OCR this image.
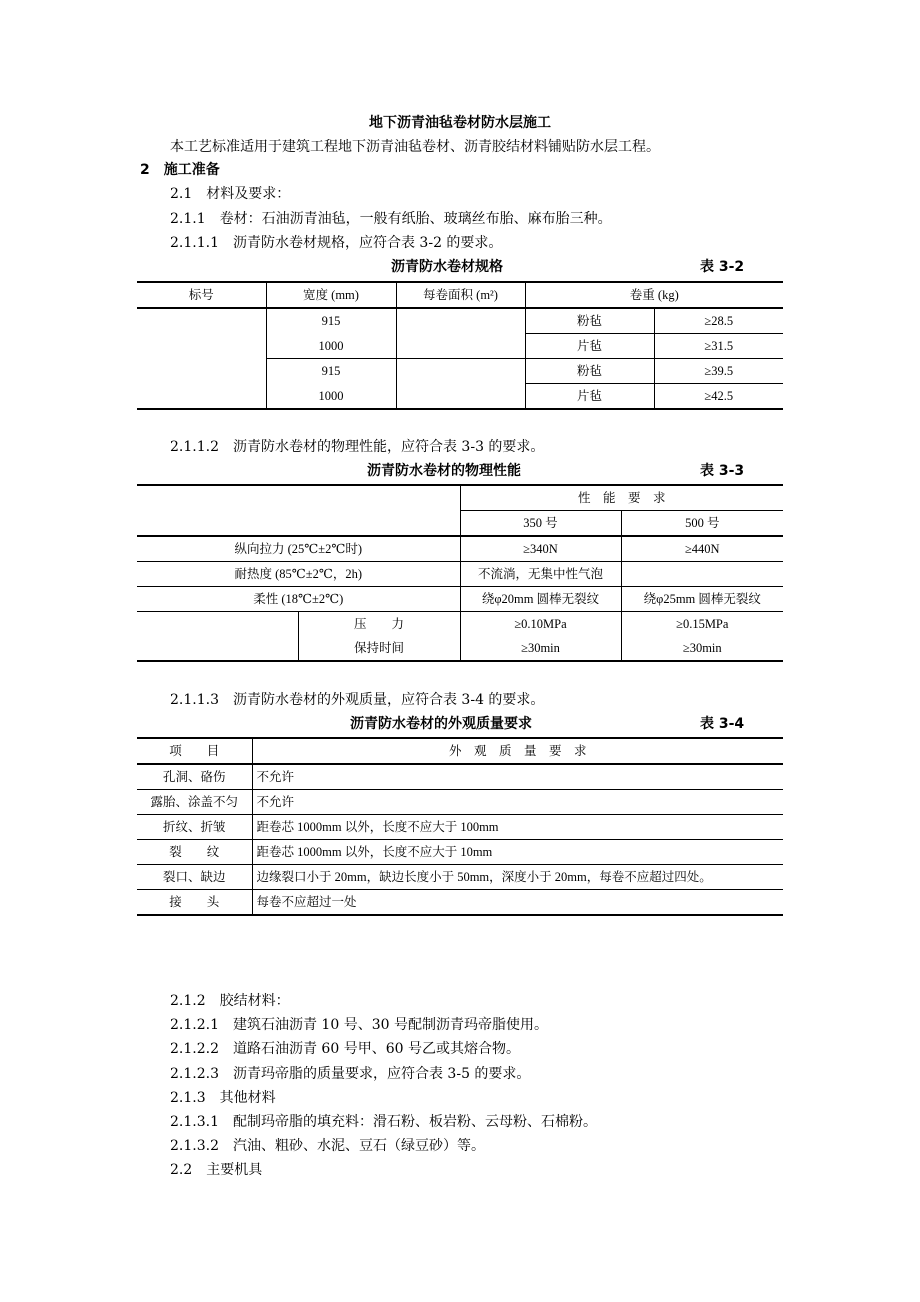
地下沥青油毡卷材防水层施工
本工艺标准适用于建筑工程地下沥青油毡卷材、沥青胶结材料铺贴防水层工程。
2　施工准备
2.1　材料及要求：
2.1.1　卷材：石油沥青油毡，一般有纸胎、玻璃丝布胎、麻布胎三种。
2.1.1.1　沥青防水卷材规格，应符合表 3-2 的要求。
沥青防水卷材规格	表 3-2
标号	宽度 (mm)	每卷面积 (m²)	卷重 (kg)	
	915		粉毡	≥28.5
	1000		片毡	≥31.5
	915		粉毡	≥39.5
	1000		片毡	≥42.5
2.1.1.2　沥青防水卷材的物理性能，应符合表 3-3 的要求。
沥青防水卷材的物理性能	表 3-3
		性　能　要　求	
		350 号	500 号
纵向拉力 (25℃±2℃时)		≥340N	≥440N
耐热度 (85℃±2℃，2h)		不流淌，无集中性气泡	
柔性 (18℃±2℃)		绕φ20mm 圆棒无裂纹	绕φ25mm 圆棒无裂纹
	压　　力	≥0.10MPa	≥0.15MPa
	保持时间	≥30min	≥30min
2.1.1.3　沥青防水卷材的外观质量，应符合表 3-4 的要求。
沥青防水卷材的外观质量要求	表 3-4
项　　目	外　观　质　量　要　求
孔洞、硌伤	不允许
露胎、涂盖不匀	不允许
折纹、折皱	距卷芯 1000mm 以外，长度不应大于 100mm
裂　　纹	距卷芯 1000mm 以外，长度不应大于 10mm
裂口、缺边	边缘裂口小于 20mm，缺边长度小于 50mm，深度小于 20mm，每卷不应超过四处。
接　　头	每卷不应超过一处
2.1.2　胶结材料：
2.1.2.1　建筑石油沥青 10 号、30 号配制沥青玛帝脂使用。
2.1.2.2　道路石油沥青 60 号甲、60 号乙或其熔合物。
2.1.2.3　沥青玛帝脂的质量要求，应符合表 3-5 的要求。
2.1.3　其他材料
2.1.3.1　配制玛帝脂的填充料：滑石粉、板岩粉、云母粉、石棉粉。
2.1.3.2　汽油、粗砂、水泥、豆石（绿豆砂）等。
2.2　主要机具
